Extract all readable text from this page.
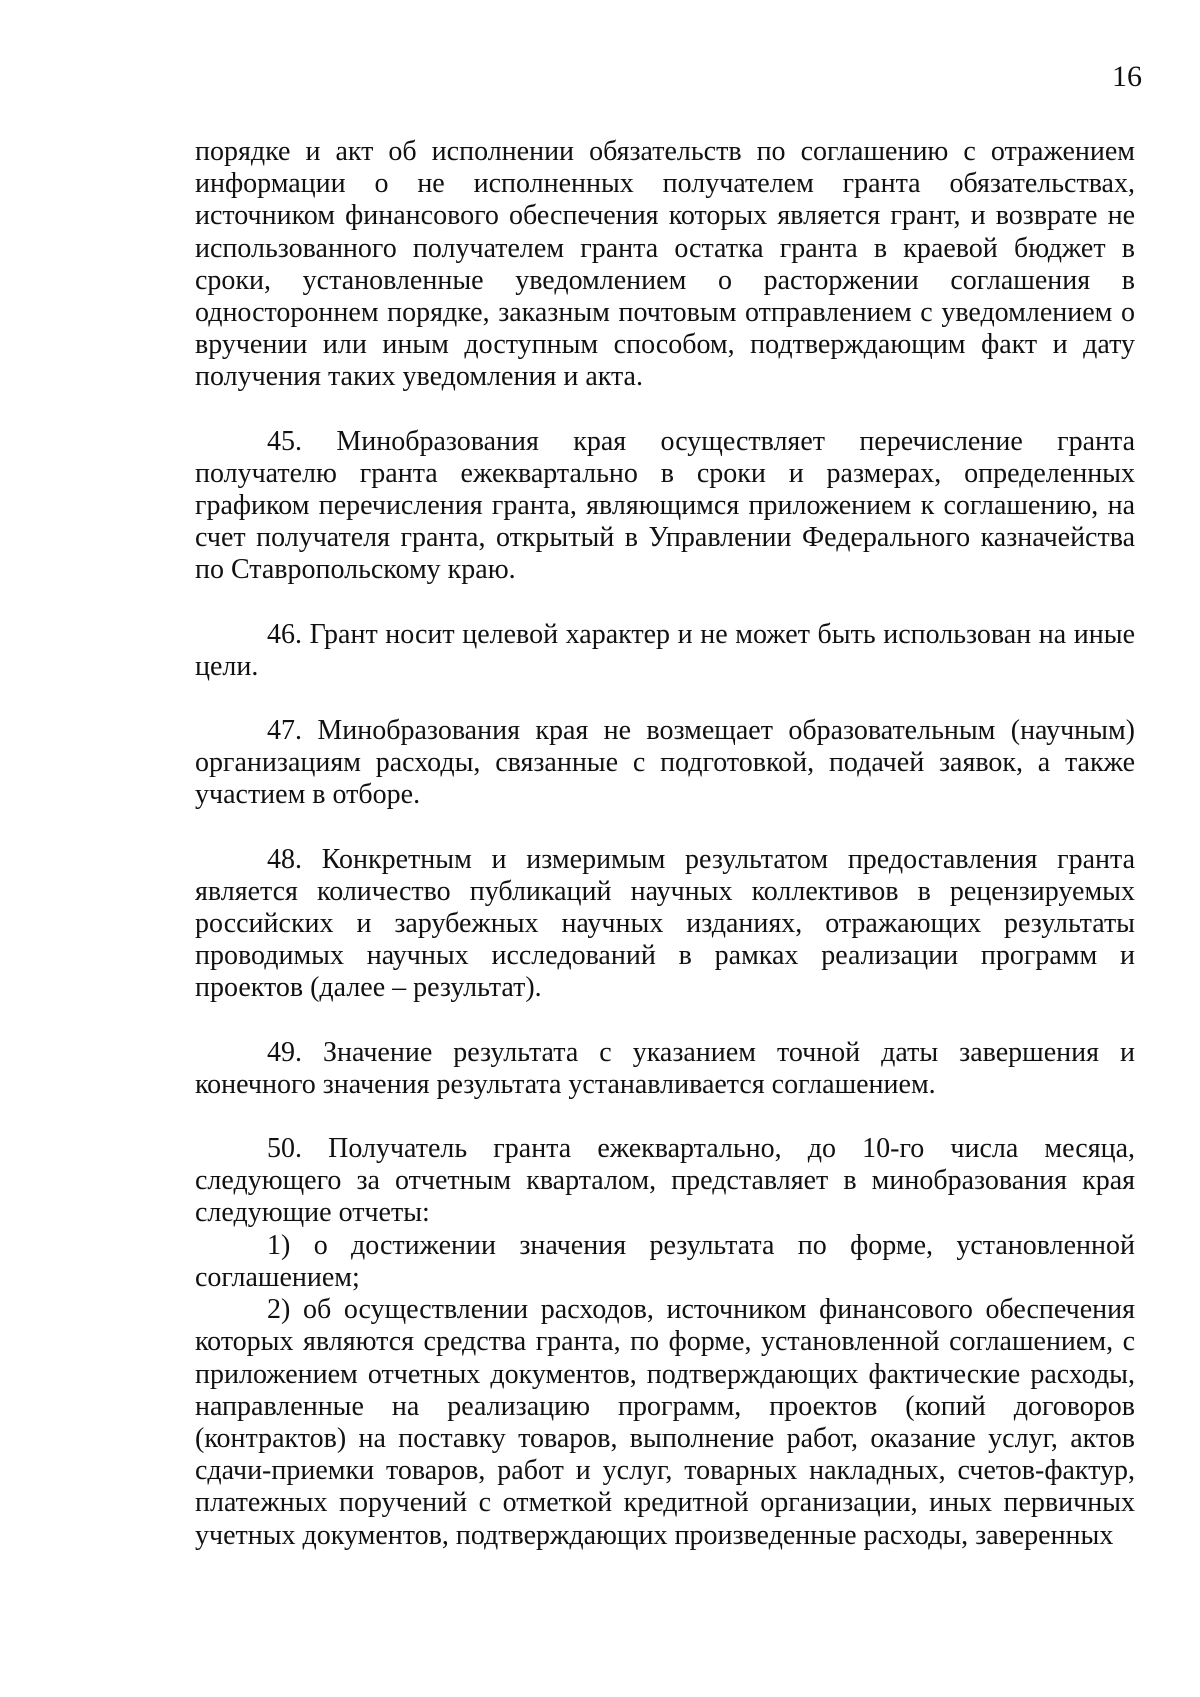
16

порядке и акт об исполнении обязательств по соглашению с отражением информации о не исполненных получателем гранта обязательствах, источником финансового обеспечения которых является грант, и возврате не использованного получателем гранта остатка гранта в краевой бюджет в сроки, установленные уведомлением о расторжении соглашения в одностороннем порядке, заказным почтовым отправлением с уведомлением о вручении или иным доступным способом, подтверждающим факт и дату получения таких уведомления и акта.

45. Минобразования края осуществляет перечисление гранта получателю гранта ежеквартально в сроки и размерах, определенных графиком перечисления гранта, являющимся приложением к соглашению, на счет получателя гранта, открытый в Управлении Федерального казначейства по Ставропольскому краю.

46. Грант носит целевой характер и не может быть использован на иные цели.

47. Минобразования края не возмещает образовательным (научным) организациям расходы, связанные с подготовкой, подачей заявок, а также участием в отборе.

48. Конкретным и измеримым результатом предоставления гранта является количество публикаций научных коллективов в рецензируемых российских и зарубежных научных изданиях, отражающих результаты проводимых научных исследований в рамках реализации программ и проектов (далее – результат).

49. Значение результата с указанием точной даты завершения и конечного значения результата устанавливается соглашением.

50. Получатель гранта ежеквартально, до 10-го числа месяца, следующего за отчетным кварталом, представляет в минобразования края следующие отчеты:

1) о достижении значения результата по форме, установленной соглашением;

2) об осуществлении расходов, источником финансового обеспечения которых являются средства гранта, по форме, установленной соглашением, с приложением отчетных документов, подтверждающих фактические расходы, направленные на реализацию программ, проектов (копий договоров (контрактов) на поставку товаров, выполнение работ, оказание услуг, актов сдачи-приемки товаров, работ и услуг, товарных накладных, счетов-фактур, платежных поручений с отметкой кредитной организации, иных первичных учетных документов, подтверждающих произведенные расходы, заверенных
